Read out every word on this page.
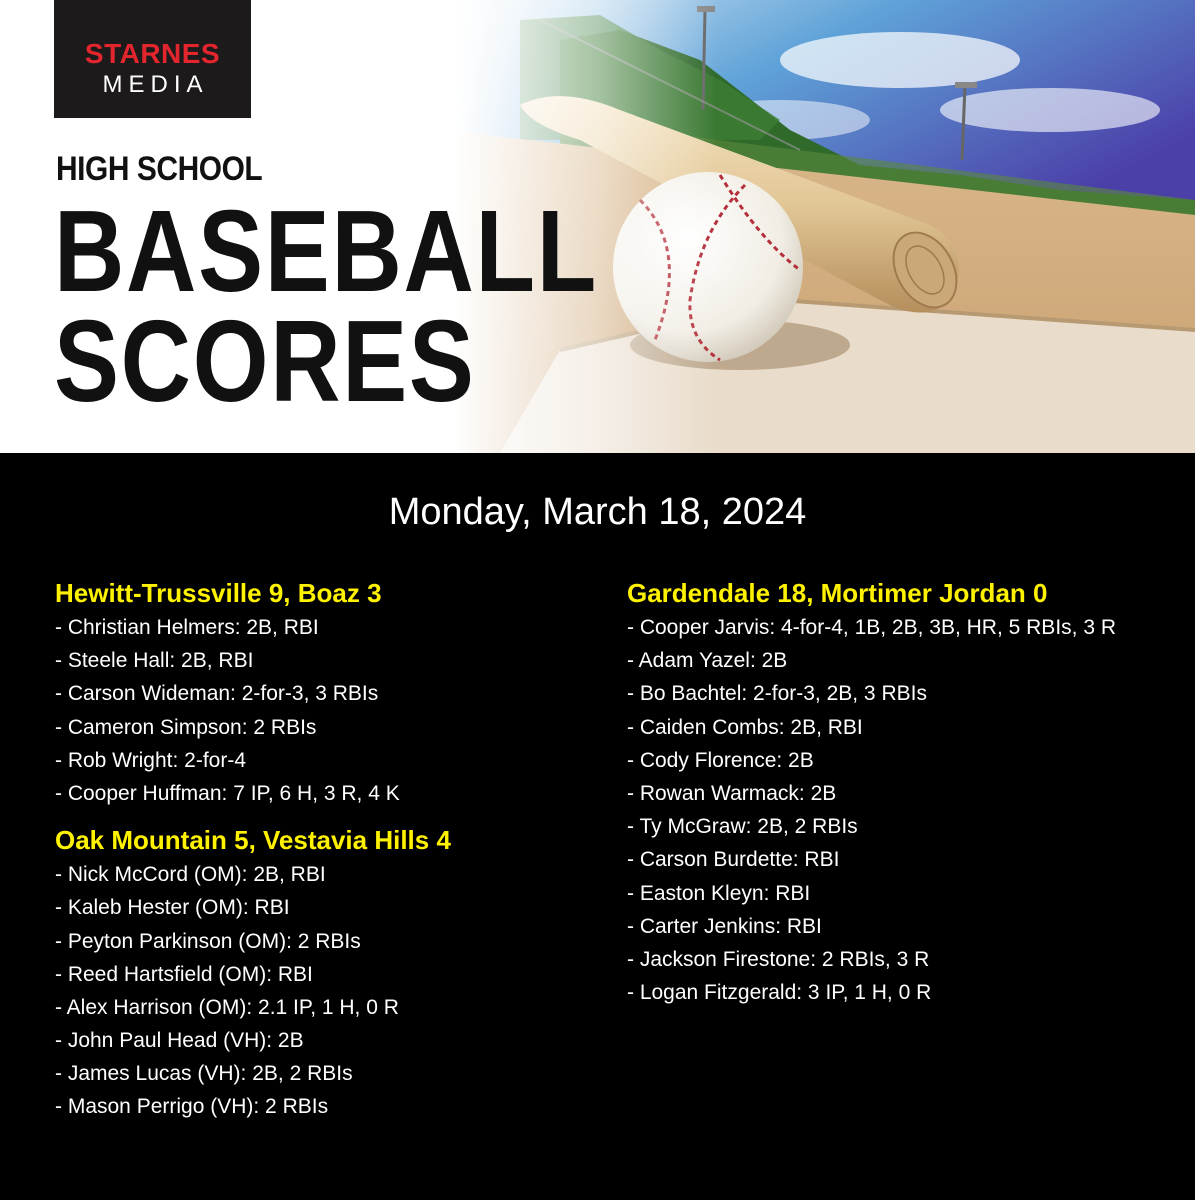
STARNES
MEDIA
HIGH SCHOOL
BASEBALL
SCORES
Monday, March 18, 2024
Hewitt-Trussville 9, Boaz 3
- Christian Helmers: 2B, RBI
- Steele Hall: 2B, RBI
- Carson Wideman: 2-for-3, 3 RBIs
- Cameron Simpson: 2 RBIs
- Rob Wright: 2-for-4
- Cooper Huffman: 7 IP, 6 H, 3 R, 4 K
Oak Mountain 5, Vestavia Hills 4
- Nick McCord (OM): 2B, RBI
- Kaleb Hester (OM): RBI
- Peyton Parkinson (OM): 2 RBIs
- Reed Hartsfield (OM): RBI
- Alex Harrison (OM): 2.1 IP, 1 H, 0 R
- John Paul Head (VH): 2B
- James Lucas (VH): 2B, 2 RBIs
- Mason Perrigo (VH): 2 RBIs
Gardendale 18, Mortimer Jordan 0
- Cooper Jarvis: 4-for-4, 1B, 2B, 3B, HR, 5 RBIs, 3 R
- Adam Yazel: 2B
- Bo Bachtel: 2-for-3, 2B, 3 RBIs
- Caiden Combs: 2B, RBI
- Cody Florence: 2B
- Rowan Warmack: 2B
- Ty McGraw: 2B, 2 RBIs
- Carson Burdette: RBI
- Easton Kleyn: RBI
- Carter Jenkins: RBI
- Jackson Firestone: 2 RBIs, 3 R
- Logan Fitzgerald: 3 IP, 1 H, 0 R
